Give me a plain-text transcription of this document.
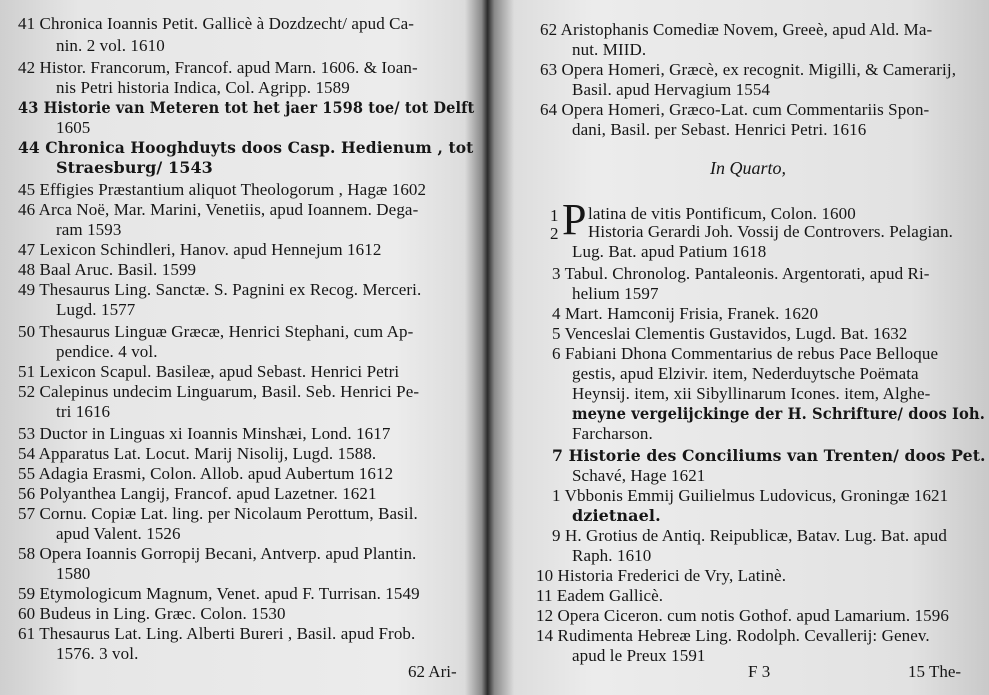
41 Chronica Ioannis Petit. Gallicè à Dozdzecht/ apud Ca-
nin. 2 vol. 1610
42 Histor. Francorum, Francof. apud Marn. 1606. & Ioan-
nis Petri historia Indica, Col. Agripp. 1589
43 Historie van Meteren tot het jaer 1598 toe/ tot Delft
1605
44 Chronica Hooghduyts doos Casp. Hedienum , tot
Straesburg/ 1543
45 Effigies Præstantium aliquot Theologorum , Hagæ 1602
46 Arca Noë, Mar. Marini, Venetiis, apud Ioannem. Dega-
ram 1593
47 Lexicon Schindleri, Hanov. apud Hennejum 1612
48 Baal Aruc. Basil. 1599
49 Thesaurus Ling. Sanctæ. S. Pagnini ex Recog. Merceri.
Lugd. 1577
50 Thesaurus Linguæ Græcæ, Henrici Stephani, cum Ap-
pendice. 4 vol.
51 Lexicon Scapul. Basileæ, apud Sebast. Henrici Petri
52 Calepinus undecim Linguarum, Basil. Seb. Henrici Pe-
tri 1616
53 Ductor in Linguas xi Ioannis Minshæi, Lond. 1617
54 Apparatus Lat. Locut. Marij Nisolij, Lugd. 1588.
55 Adagia Erasmi, Colon. Allob. apud Aubertum 1612
56 Polyanthea Langij, Francof. apud Lazetner. 1621
57 Cornu. Copiæ Lat. ling. per Nicolaum Perottum, Basil.
apud Valent. 1526
58 Opera Ioannis Gorropij Becani, Antverp. apud Plantin.
1580
59 Etymologicum Magnum, Venet. apud F. Turrisan. 1549
60 Budeus in Ling. Græc. Colon. 1530
61 Thesaurus Lat. Ling. Alberti Bureri , Basil. apud Frob.
1576. 3 vol.
62 Ari-
62 Aristophanis Comediæ Novem, Greeè, apud Ald. Ma-
nut. MIID.
63 Opera Homeri, Græcè, ex recognit. Migilli, & Camerarij,
Basil. apud Hervagium 1554
64 Opera Homeri, Græco-Lat. cum Commentariis Spon-
dani, Basil. per Sebast. Henrici Petri. 1616
In Quarto,
P
1 latina de vitis Pontificum, Colon. 1600
2 Historia Gerardi Joh. Vossij de Controvers. Pelagian.
Lug. Bat. apud Patium 1618
3 Tabul. Chronolog. Pantaleonis. Argentorati, apud Ri-
helium 1597
4 Mart. Hamconij Frisia, Franek. 1620
5 Venceslai Clementis Gustavidos, Lugd. Bat. 1632
6 Fabiani Dhona Commentarius de rebus Pace Belloque
gestis, apud Elzivir. item, Nederduytsche Poëmata
Heynsij. item, xii Sibyllinarum Icones. item, Alghe-
meyne vergelijckinge der H. Schrifture/ doos Ioh.
Farcharson.
7 Historie des Conciliums van Trenten/ doos Pet.
Schavé, Hage 1621
1 Vbbonis Emmij Guilielmus Ludovicus, Groningæ 1621
dzietnael.
9 H. Grotius de Antiq. Reipublicæ, Batav. Lug. Bat. apud
Raph. 1610
10 Historia Frederici de Vry, Latinè.
11 Eadem Gallicè.
12 Opera Ciceron. cum notis Gothof. apud Lamarium. 1596
14 Rudimenta Hebreæ Ling. Rodolph. Cevallerij: Genev.
apud le Preux 1591
F 3	15 The-
